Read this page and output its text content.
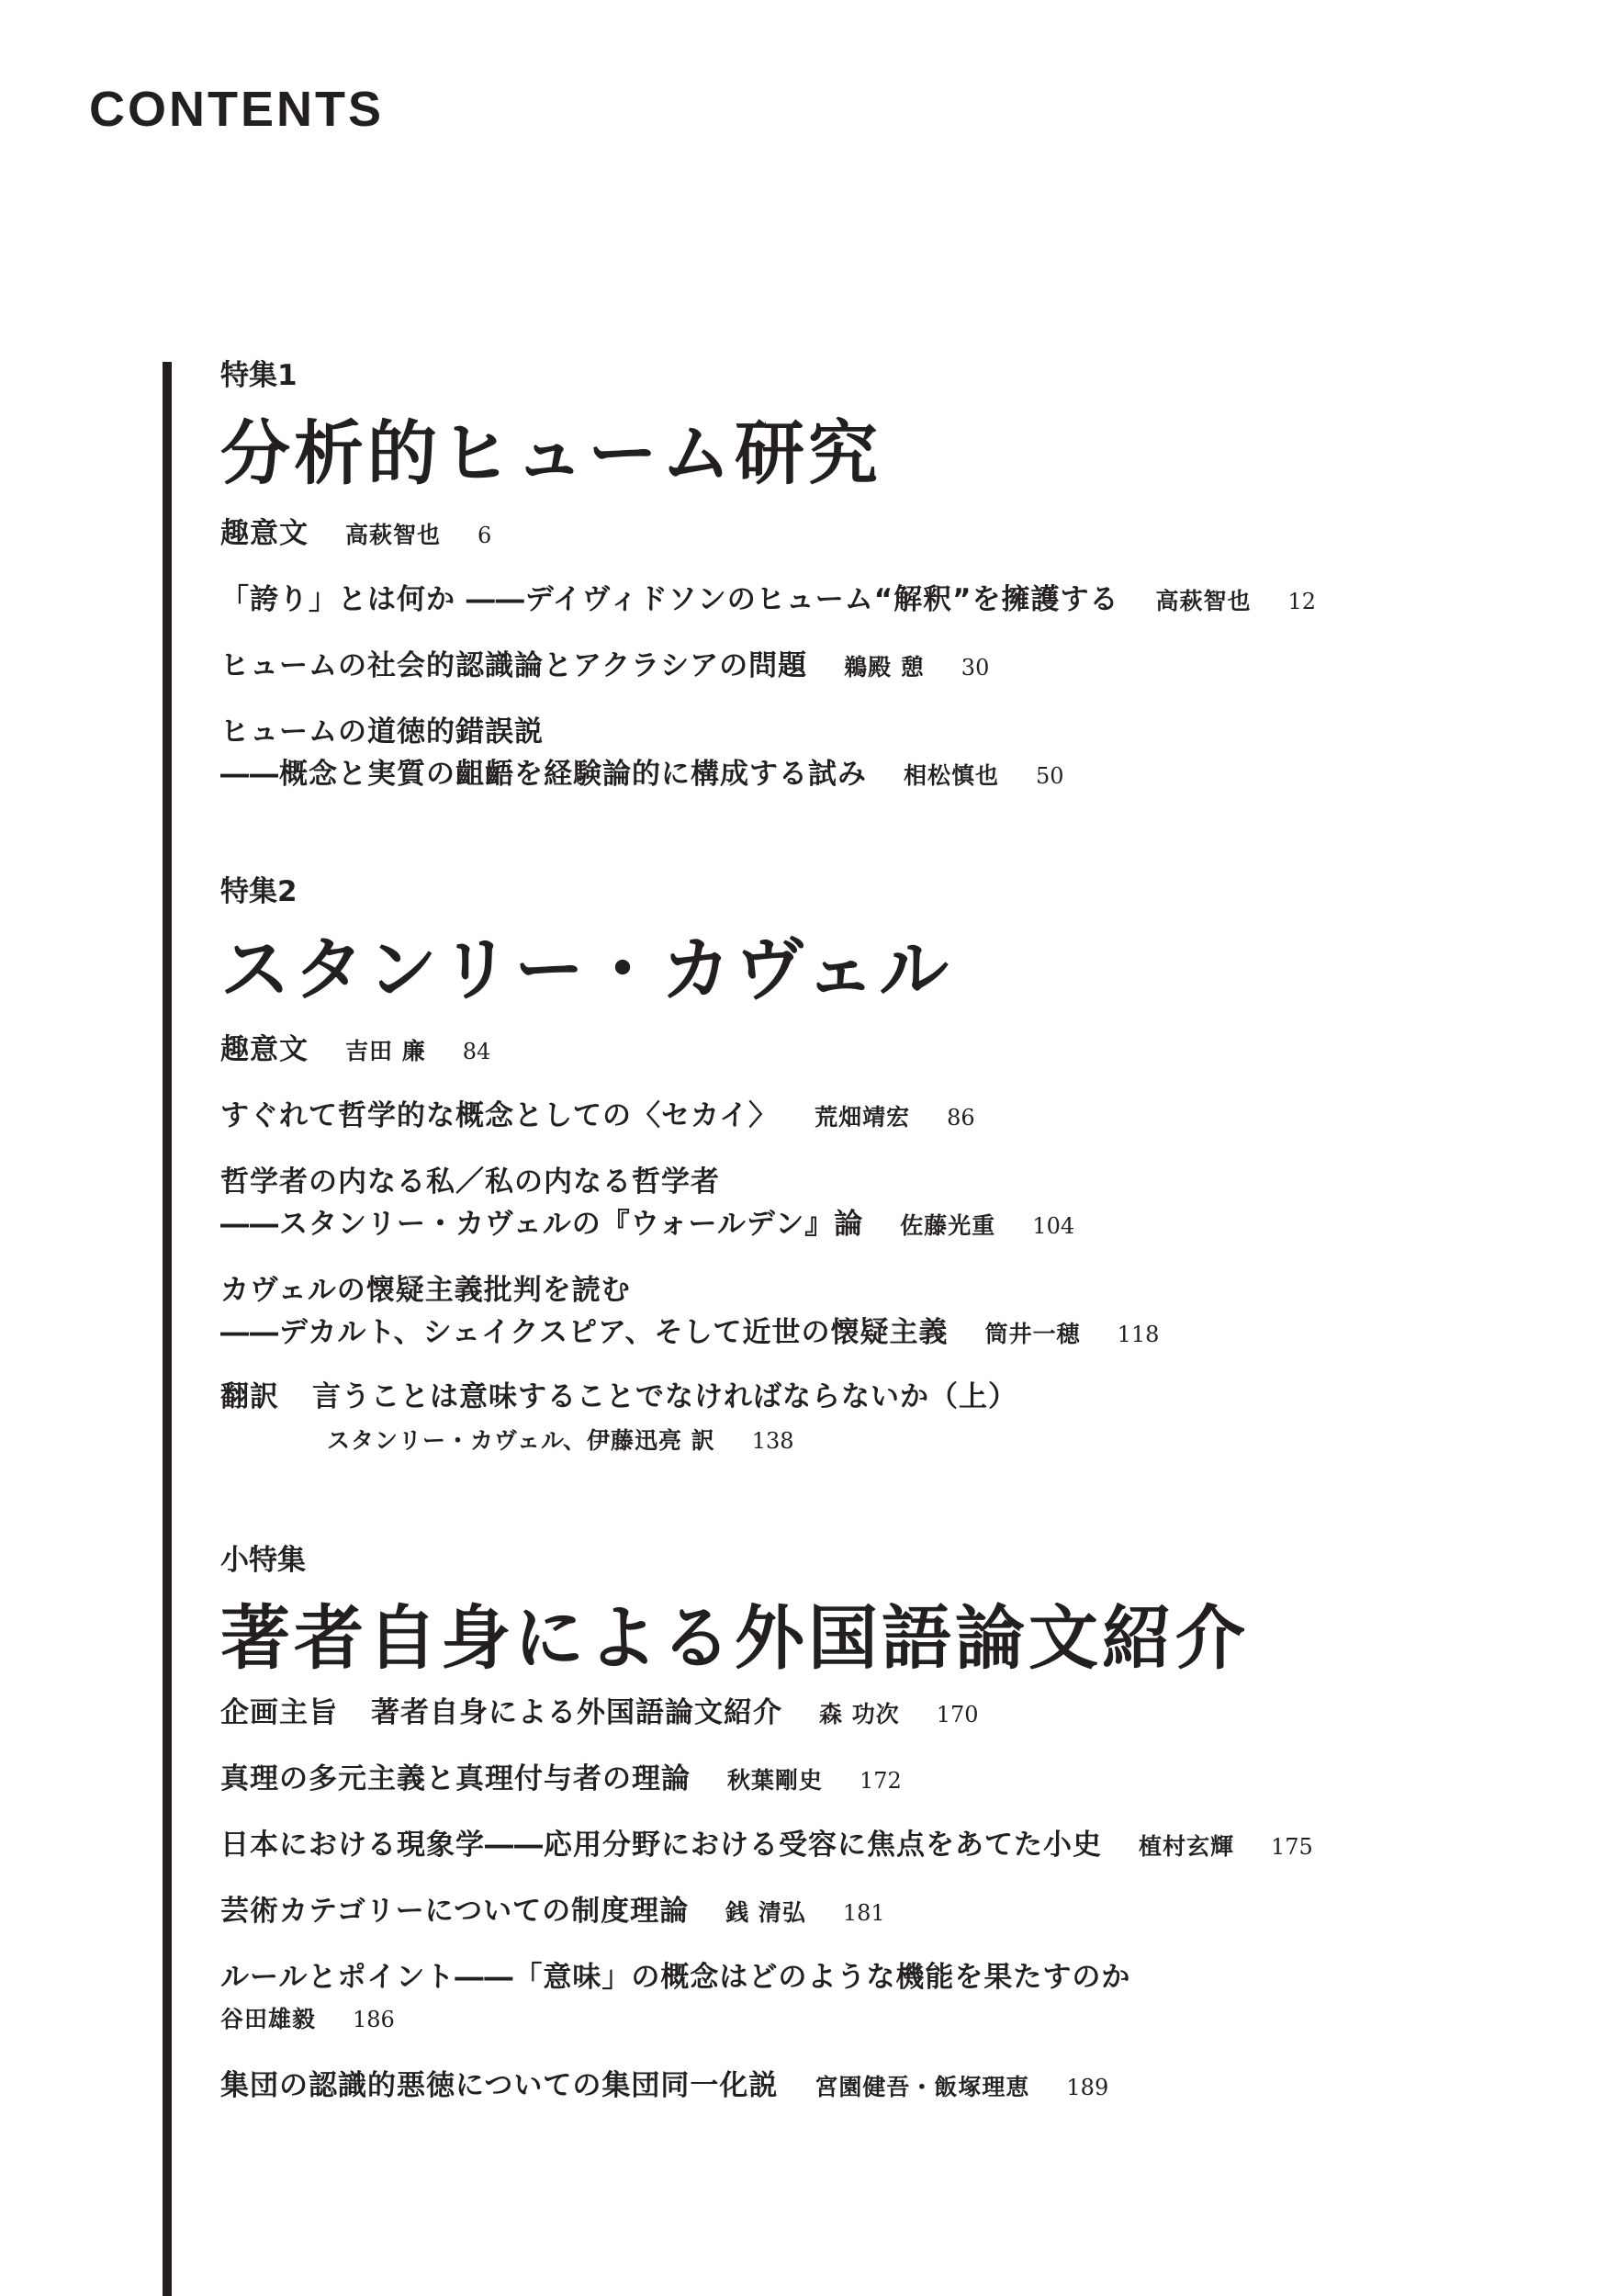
CONTENTS
特集1
分析的ヒューム研究
趣意文 高萩智也 6
「誇り」とは何か ――デイヴィドソンのヒューム“解釈”を擁護する 高萩智也 12
ヒュームの社会的認識論とアクラシアの問題 鵜殿 憩 30
ヒュームの道徳的錯誤説
――概念と実質の齟齬を経験論的に構成する試み 相松慎也 50
特集2
スタンリー・カヴェル
趣意文 吉田 廉 84
すぐれて哲学的な概念としての〈セカイ〉 荒畑靖宏 86
哲学者の内なる私／私の内なる哲学者
――スタンリー・カヴェルの『ウォールデン』論 佐藤光重 104
カヴェルの懐疑主義批判を読む
――デカルト、シェイクスピア、そして近世の懐疑主義 筒井一穂 118
翻訳 言うことは意味することでなければならないか（上）
スタンリー・カヴェル、伊藤迅亮 訳 138
小特集
著者自身による外国語論文紹介
企画主旨 著者自身による外国語論文紹介 森 功次 170
真理の多元主義と真理付与者の理論 秋葉剛史 172
日本における現象学――応用分野における受容に焦点をあてた小史 植村玄輝 175
芸術カテゴリーについての制度理論 銭 清弘 181
ルールとポイント――「意味」の概念はどのような機能を果たすのか
谷田雄毅 186
集団の認識的悪徳についての集団同一化説 宮園健吾・飯塚理恵 189
